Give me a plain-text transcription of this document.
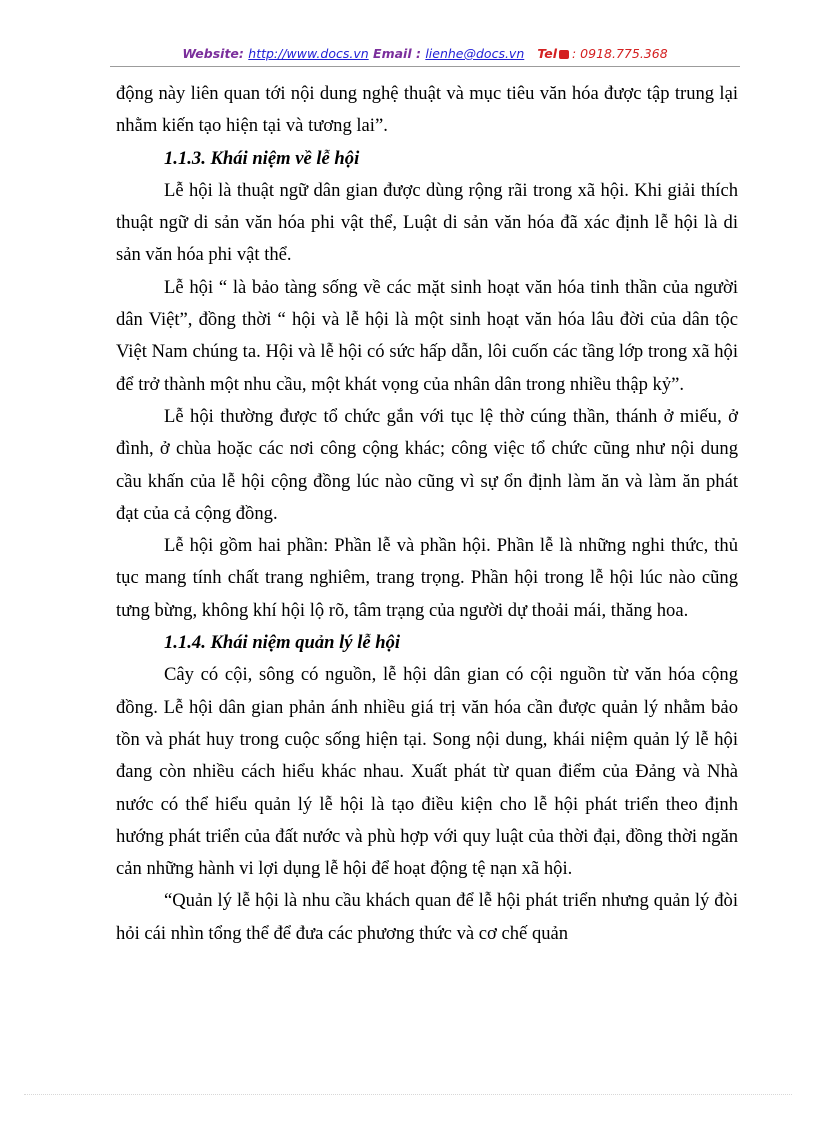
Website: http://www.docs.vn Email : lienhe@docs.vn Tel : 0918.775.368

động này liên quan tới nội dung nghệ thuật và mục tiêu văn hóa được tập trung lại nhằm kiến tạo hiện tại và tương lai”.

1.1.3. Khái niệm về lễ hội

Lễ hội là thuật ngữ dân gian được dùng rộng rãi trong xã hội. Khi giải thích thuật ngữ di sản văn hóa phi vật thể, Luật di sản văn hóa đã xác định lễ hội là di sản văn hóa phi vật thể.

Lễ hội “ là bảo tàng sống về các mặt sinh hoạt văn hóa tinh thần của người dân Việt”, đồng thời “ hội và lễ hội là một sinh hoạt văn hóa lâu đời của dân tộc Việt Nam chúng ta. Hội và lễ hội có sức hấp dẫn, lôi cuốn các tầng lớp trong xã hội để trở thành một nhu cầu, một khát vọng của nhân dân trong nhiều thập kỷ”.

Lễ hội thường được tổ chức gắn với tục lệ thờ cúng thần, thánh ở miếu, ở đình, ở chùa hoặc các nơi công cộng khác; công việc tổ chức cũng như nội dung cầu khấn của lễ hội cộng đồng lúc nào cũng vì sự ổn định làm ăn và làm ăn phát đạt của cả cộng đồng.

Lễ hội gồm hai phần: Phần lễ và phần hội. Phần lễ là những nghi thức, thủ tục mang tính chất trang nghiêm, trang trọng. Phần hội trong lễ hội lúc nào cũng tưng bừng, không khí hội lộ rõ, tâm trạng của người dự thoải mái, thăng hoa.

1.1.4. Khái niệm quản lý lễ hội

Cây có cội, sông có nguồn, lễ hội dân gian có cội nguồn từ văn hóa cộng đồng. Lễ hội dân gian phản ánh nhiều giá trị văn hóa cần được quản lý nhằm bảo tồn và phát huy trong cuộc sống hiện tại. Song nội dung, khái niệm quản lý lễ hội đang còn nhiều cách hiểu khác nhau. Xuất phát từ quan điểm của Đảng và Nhà nước có thể hiểu quản lý lễ hội là tạo điều kiện cho lễ hội phát triển theo định hướng phát triển của đất nước và phù hợp với quy luật của thời đại, đồng thời ngăn cản những hành vi lợi dụng lễ hội để hoạt động tệ nạn xã hội.

“Quản lý lễ hội là nhu cầu khách quan để lễ hội phát triển nhưng quản lý đòi hỏi cái nhìn tổng thể để đưa các phương thức và cơ chế quản
